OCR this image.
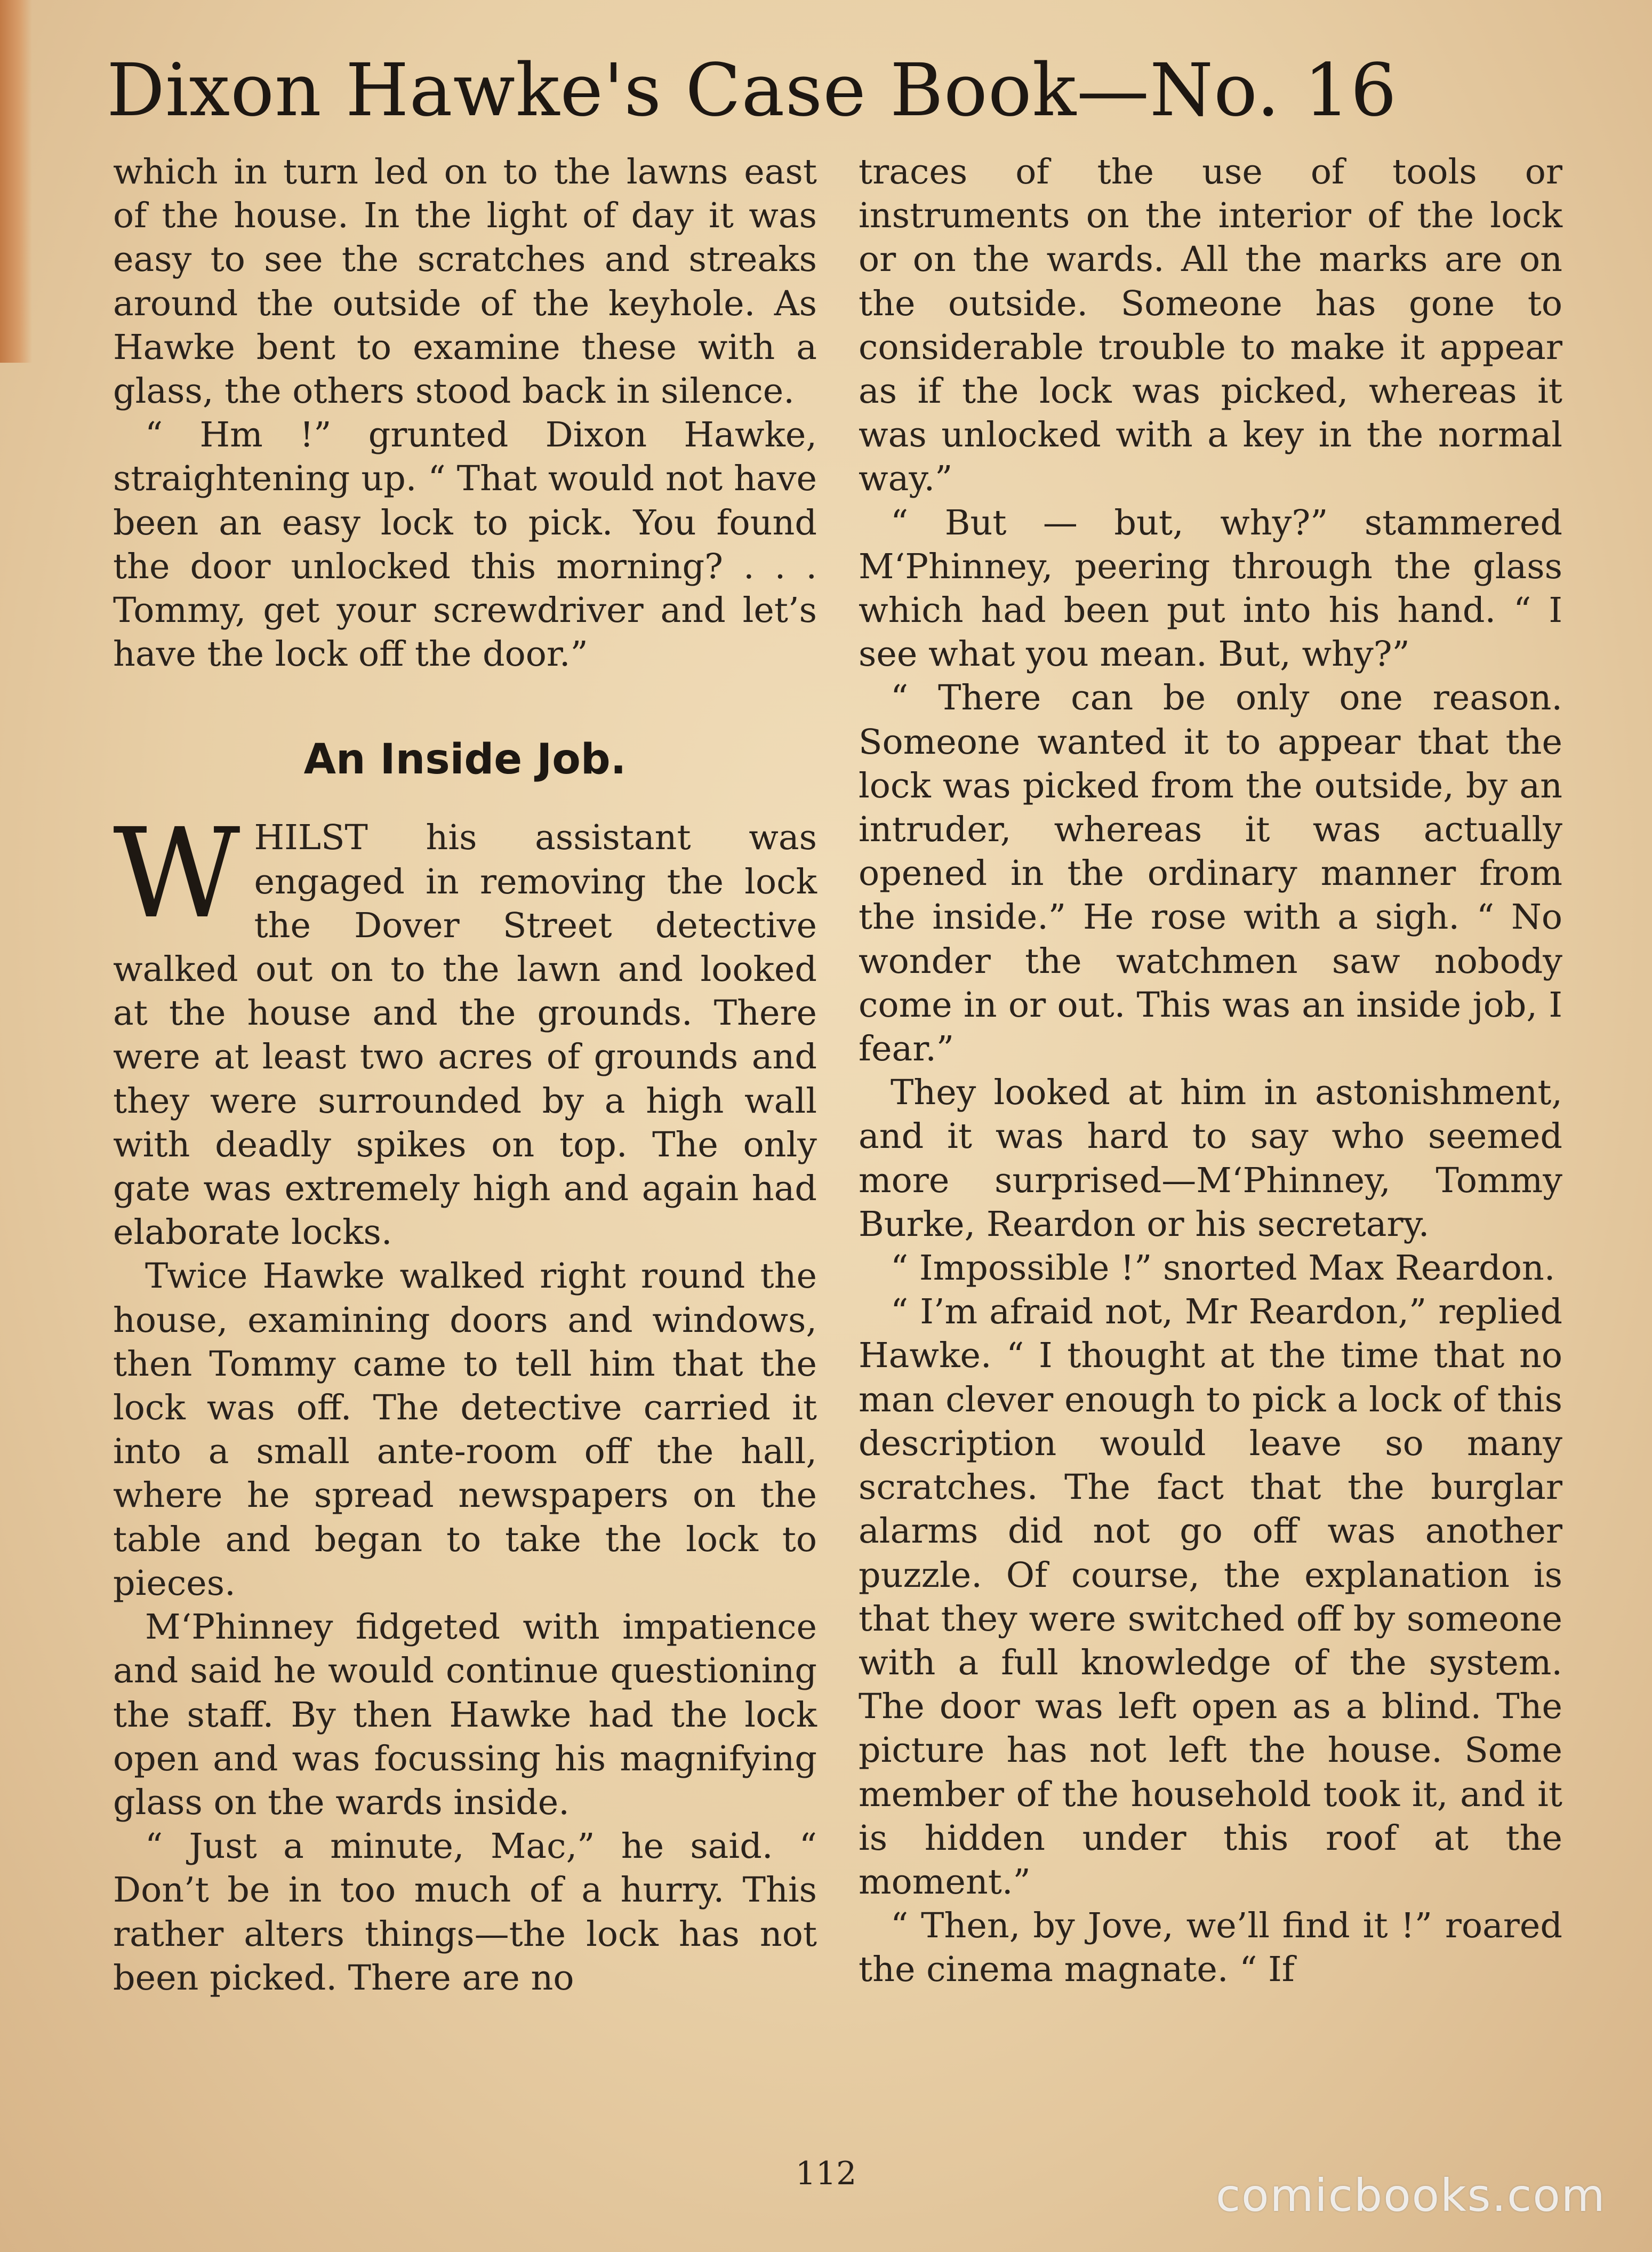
Dixon Hawke's Case Book—No. 16

which in turn led on to the lawns east of the house. In the light of day it was easy to see the scratches and streaks around the outside of the keyhole. As Hawke bent to examine these with a glass, the others stood back in silence.

“ Hm !” grunted Dixon Hawke, straightening up. “ That would not have been an easy lock to pick. You found the door unlocked this morning? . . . Tommy, get your screwdriver and let’s have the lock off the door.”

An Inside Job.

WHILST his assistant was engaged in removing the lock the Dover Street detective walked out on to the lawn and looked at the house and the grounds. There were at least two acres of grounds and they were surrounded by a high wall with deadly spikes on top. The only gate was extremely high and again had elaborate locks.

Twice Hawke walked right round the house, examining doors and windows, then Tommy came to tell him that the lock was off. The detective carried it into a small ante-room off the hall, where he spread newspapers on the table and began to take the lock to pieces.

M‘Phinney fidgeted with impatience and said he would continue questioning the staff. By then Hawke had the lock open and was focussing his magnifying glass on the wards inside.

“ Just a minute, Mac,” he said. “ Don’t be in too much of a hurry. This rather alters things—the lock has not been picked. There are no

traces of the use of tools or instruments on the interior of the lock or on the wards. All the marks are on the outside. Someone has gone to considerable trouble to make it appear as if the lock was picked, whereas it was unlocked with a key in the normal way.”

“ But — but, why?” stammered M‘Phinney, peering through the glass which had been put into his hand. “ I see what you mean. But, why?”

“ There can be only one reason. Someone wanted it to appear that the lock was picked from the outside, by an intruder, whereas it was actually opened in the ordinary manner from the inside.” He rose with a sigh. “ No wonder the watchmen saw nobody come in or out. This was an inside job, I fear.”

They looked at him in astonishment, and it was hard to say who seemed more surprised—M‘Phinney, Tommy Burke, Reardon or his secretary.

“ Impossible !” snorted Max Reardon.

“ I’m afraid not, Mr Reardon,” replied Hawke. “ I thought at the time that no man clever enough to pick a lock of this description would leave so many scratches. The fact that the burglar alarms did not go off was another puzzle. Of course, the explanation is that they were switched off by someone with a full knowledge of the system. The door was left open as a blind. The picture has not left the house. Some member of the household took it, and it is hidden under this roof at the moment.”

“ Then, by Jove, we’ll find it !” roared the cinema magnate. “ If

112	comicbooks.com
